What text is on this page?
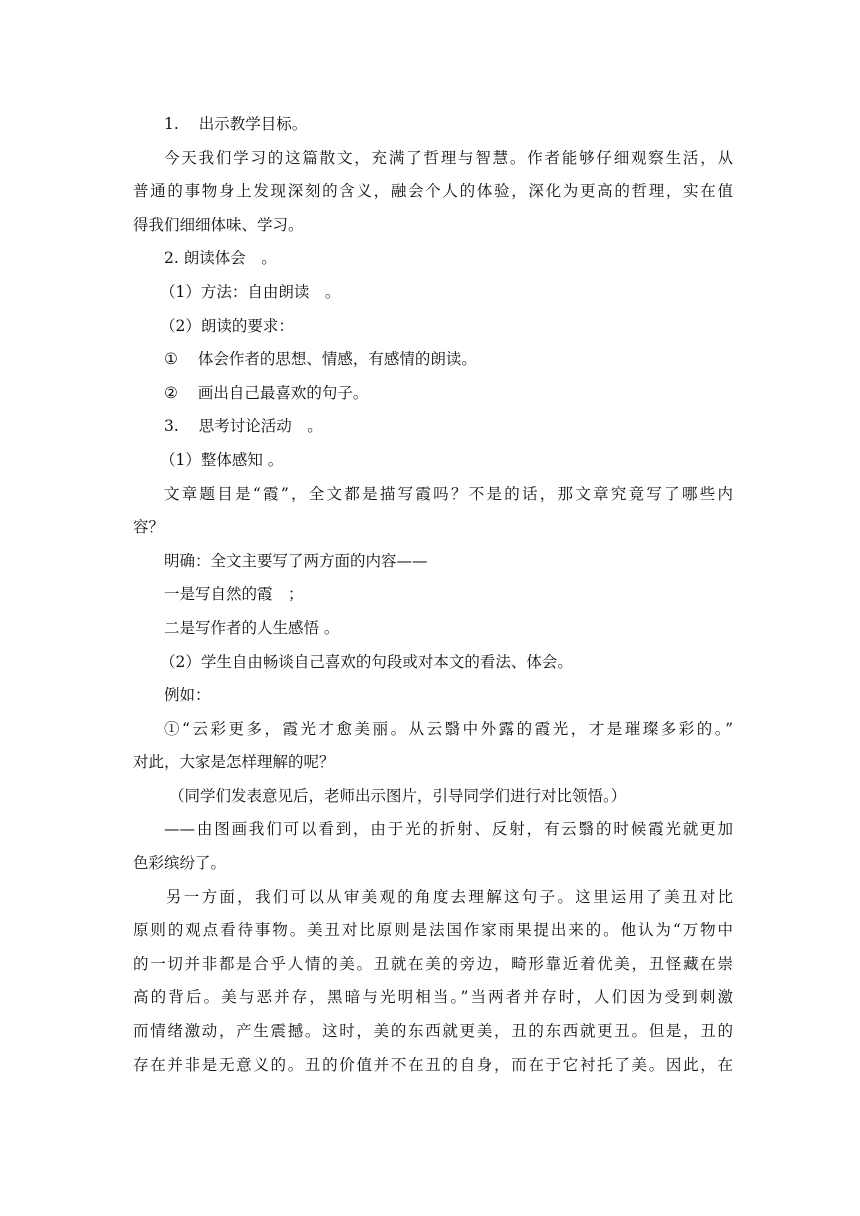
1. 出示教学目标。
今天我们学习的这篇散文，充满了哲理与智慧。作者能够仔细观察生活，从
普通的事物身上发现深刻的含义，融会个人的体验，深化为更高的哲理，实在值
得我们细细体味、学习。
2. 朗读体会　。
（1）方法：自由朗读　。
（2）朗读的要求：
① 体会作者的思想、情感，有感情的朗读。
② 画出自己最喜欢的句子。
3. 思考讨论活动　。
（1）整体感知 。
文章题目是“霞”，全文都是描写霞吗？不是的话，那文章究竟写了哪些内
容？
明确：全文主要写了两方面的内容——
一是写自然的霞　；
二是写作者的人生感悟 。
（2）学生自由畅谈自己喜欢的句段或对本文的看法、体会。
例如：
①“云彩更多，霞光才愈美丽。从云翳中外露的霞光，才是璀璨多彩的。”
对此，大家是怎样理解的呢？
（同学们发表意见后，老师出示图片，引导同学们进行对比领悟。）
——由图画我们可以看到，由于光的折射、反射，有云翳的时候霞光就更加
色彩缤纷了。
另一方面，我们可以从审美观的角度去理解这句子。这里运用了美丑对比
原则的观点看待事物。美丑对比原则是法国作家雨果提出来的。他认为“万物中
的一切并非都是合乎人情的美。丑就在美的旁边，畸形靠近着优美，丑怪藏在崇
高的背后。美与恶并存，黑暗与光明相当。”当两者并存时，人们因为受到刺激
而情绪激动，产生震撼。这时，美的东西就更美，丑的东西就更丑。但是，丑的
存在并非是无意义的。丑的价值并不在丑的自身，而在于它衬托了美。因此，在
